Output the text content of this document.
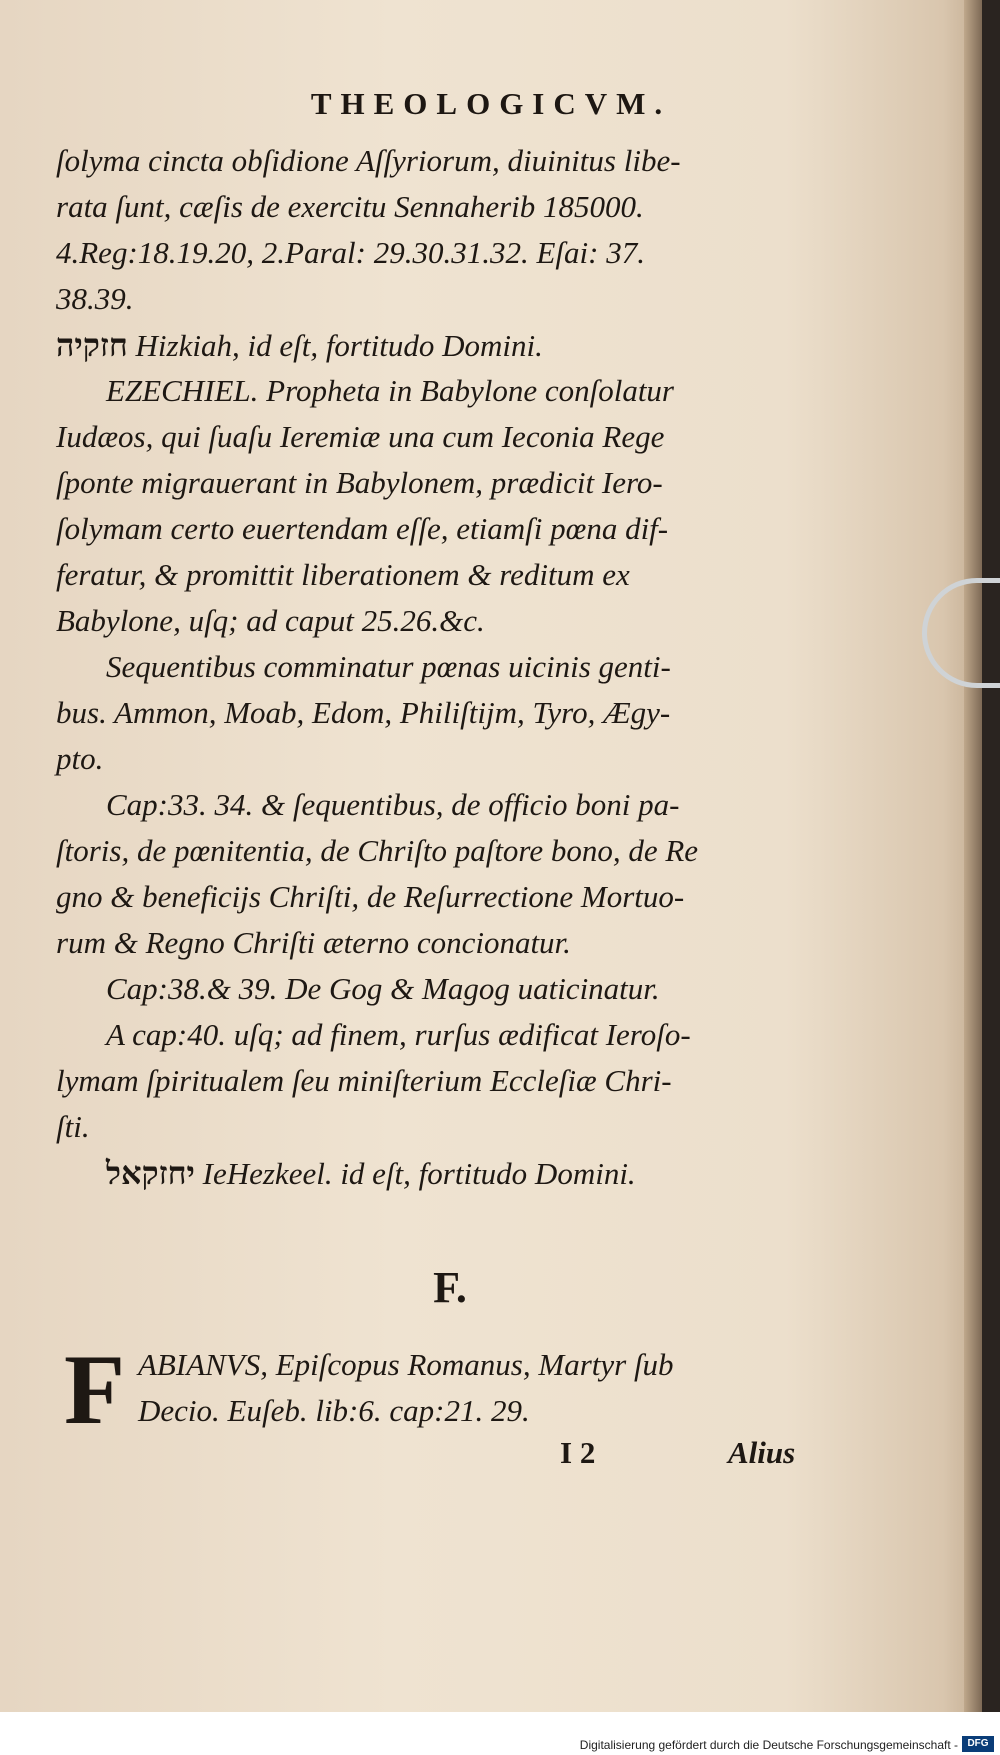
THEOLOGICVM.
ſolyma cincta obſidione Aſſyriorum, diuinitus libe-
rata ſunt, cæſis de exercitu Sennaherib 185000.
4.Reg:18.19.20, 2.Paral: 29.30.31.32. Eſai: 37.
38.39.
חזקיה Hizkiah, id eſt, fortitudo Domini.
EZECHIEL. Propheta in Babylone conſolatur
Iudæos, qui ſuaſu Ieremiæ una cum Ieconia Rege
ſponte migrauerant in Babylonem, prædicit Iero-
ſolymam certo euertendam eſſe, etiamſi pœna dif-
feratur, & promittit liberationem & reditum ex
Babylone, uſq; ad caput 25.26.&c.
Sequentibus comminatur pœnas uicinis genti-
bus. Ammon, Moab, Edom, Philiſtijm, Tyro, Ægy-
pto.
Cap:33. 34. & ſequentibus, de officio boni pa-
ſtoris, de pœnitentia, de Chriſto paſtore bono, de Re
gno & beneficijs Chriſti, de Reſurrectione Mortuo-
rum & Regno Chriſti æterno concionatur.
Cap:38.& 39. De Gog & Magog uaticinatur.
A cap:40. uſq; ad finem, rurſus ædificat Ieroſo-
lymam ſpiritualem ſeu miniſterium Eccleſiæ Chri-
ſti.
יחזקאל IeHezkeel. id eſt, fortitudo Domini.
F.
F ABIANVS, Epiſcopus Romanus, Martyr ſub
Decio. Euſeb. lib:6. cap:21. 29.
I 2	Alius
Digitalisierung gefördert durch die Deutsche Forschungsgemeinschaft - DFG
